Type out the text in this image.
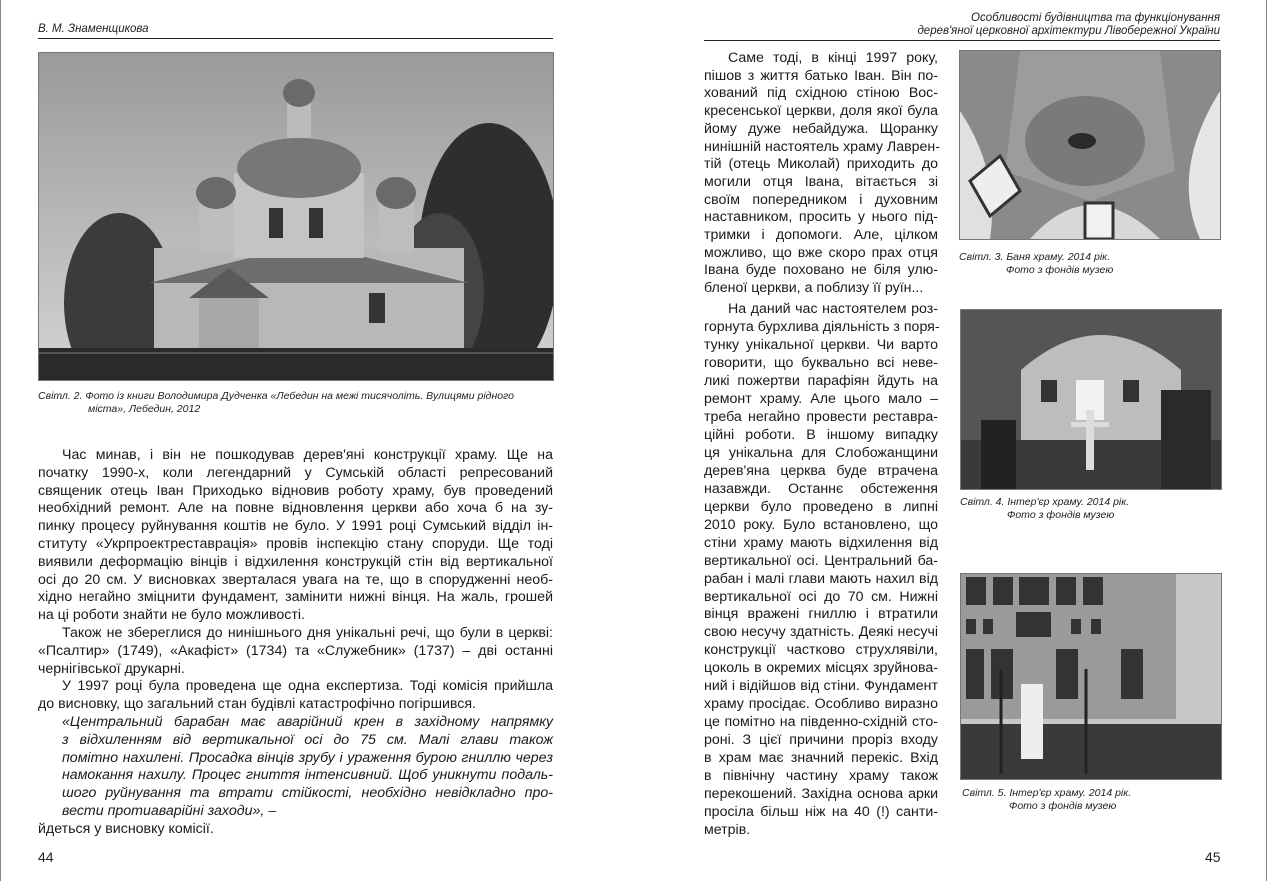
В. М. Знаменщикова
Світл. 2. Фото із книги Володимира Дудченка «Лебедин на межі тисячоліть. Вулицями рідного
міста», Лебедин, 2012
Час минав, і він не пошкодував дерев'яні конструкції храму. Ще на
початку 1990-х, коли легендарний у Сумській області репресований
священик отець Іван Приходько відновив роботу храму, був проведений
необхідний ремонт. Але на повне відновлення церкви або хоча б на зу-
пинку процесу руйнування коштів не було. У 1991 році Сумський відділ ін-
ституту «Укрпроектреставрація» провів інспекцію стану споруди. Ще тоді
виявили деформацію вінців і відхилення конструкцій стін від вертикальної
осі до 20 см. У висновках зверталася увага на те, що в спорудженні необ-
хідно негайно зміцнити фундамент, замінити нижні вінця. На жаль, грошей
на ці роботи знайти не було можливості.
Також не збереглися до нинішнього дня унікальні речі, що були в церкві:
«Псалтир» (1749), «Акафіст» (1734) та «Служебник» (1737) – дві останні
чернігівської друкарні.
У 1997 році була проведена ще одна експертиза. Тоді комісія прийшла
до висновку, що загальний стан будівлі катастрофічно погіршився.
«Центральний барабан має аварійний крен в західному напрямку
з відхиленням від вертикальної осі до 75 см. Малі глави також
помітно нахилені. Просадка вінців зрубу і ураження бурою гниллю через
намокання нахилу. Процес гниття інтенсивний. Щоб уникнути подаль-
шого руйнування та втрати стійкості, необхідно невідкладно про-
вести протиаварійні заходи», –
йдеться у висновку комісії.
44
Особливості будівництва та функціонування
дерев'яної церковної архітектури Лівобережної України
Світл. 3. Баня храму. 2014 рік.
Фото з фондів музею
Світл. 4. Інтер'єр храму. 2014 рік.
Фото з фондів музею
Світл. 5. Інтер'єр храму. 2014 рік.
Фото з фондів музею
Саме тоді, в кінці 1997 року,
пішов з життя батько Іван. Він по-
хований під східною стіною Вос-
кресенської церкви, доля якої була
йому дуже небайдужа. Щоранку
нинішній настоятель храму Лаврен-
тій (отець Миколай) приходить до
могили отця Івана, вітається зі
своїм попередником і духовним
наставником, просить у нього під-
тримки і допомоги. Але, цілком
можливо, що вже скоро прах отця
Івана буде поховано не біля улю-
бленої церкви, а поблизу її руїн...
На даний час настоятелем роз-
горнута бурхлива діяльність з поря-
тунку унікальної церкви. Чи варто
говорити, що буквально всі неве-
ликі пожертви парафіян йдуть на
ремонт храму. Але цього мало –
треба негайно провести реставра-
ційні роботи. В іншому випадку
ця унікальна для Слобожанщини
дерев'яна церква буде втрачена
назавжди. Останнє обстеження
церкви було проведено в липні
2010 року. Було встановлено, що
стіни храму мають відхилення від
вертикальної осі. Центральний ба-
рабан і малі глави мають нахил від
вертикальної осі до 70 см. Нижні
вінця вражені гниллю і втратили
свою несучу здатність. Деякі несучі
конструкції частково струхлявіли,
цоколь в окремих місцях зруйнова-
ний і відійшов від стіни. Фундамент
храму просідає. Особливо виразно
це помітно на південно-східній сто-
роні. З цієї причини проріз входу
в храм має значний перекіс. Вхід
в північну частину храму також
перекошений. Західна основа арки
просіла більш ніж на 40 (!) санти-
метрів.
45
